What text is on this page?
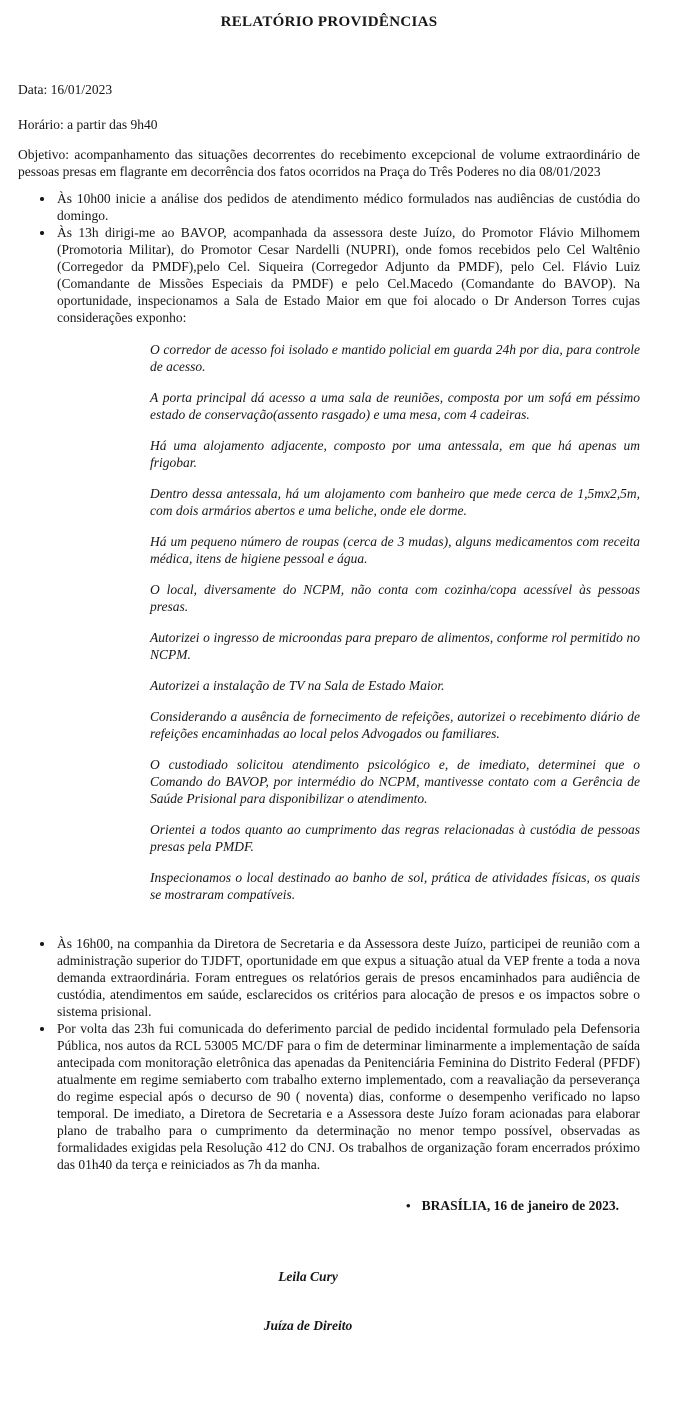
RELATÓRIO PROVIDÊNCIAS

Data: 16/01/2023

Horário: a partir das 9h40

Objetivo: acompanhamento das situações decorrentes do recebimento excepcional de volume extraordinário de pessoas presas em flagrante em decorrência dos fatos ocorridos na Praça do Três Poderes no dia 08/01/2023

• Às 10h00 inicie a análise dos pedidos de atendimento médico formulados nas audiências de custódia do domingo.
• Às 13h dirigi-me ao BAVOP, acompanhada da assessora deste Juízo, do Promotor Flávio Milhomem (Promotoria Militar), do Promotor Cesar Nardelli (NUPRI), onde fomos recebidos pelo Cel Waltênio (Corregedor da PMDF),pelo Cel. Siqueira (Corregedor Adjunto da PMDF), pelo Cel. Flávio Luiz (Comandante de Missões Especiais da PMDF) e pelo Cel.Macedo (Comandante do BAVOP). Na oportunidade, inspecionamos a Sala de Estado Maior em que foi alocado o Dr Anderson Torres cujas considerações exponho:

O corredor de acesso foi isolado e mantido policial em guarda 24h por dia, para controle de acesso.

A porta principal dá acesso a uma sala de reuniões, composta por um sofá em péssimo estado de conservação(assento rasgado) e uma mesa, com 4 cadeiras.

Há uma alojamento adjacente, composto por uma antessala, em que há apenas um frigobar.

Dentro dessa antessala, há um alojamento com banheiro que mede cerca de 1,5mx2,5m, com dois armários abertos e uma beliche, onde ele dorme.

Há um pequeno número de roupas (cerca de 3 mudas), alguns medicamentos com receita médica, itens de higiene pessoal e água.

O local, diversamente do NCPM, não conta com cozinha/copa acessível às pessoas presas.

Autorizei o ingresso de microondas para preparo de alimentos, conforme rol permitido no NCPM.

Autorizei a instalação de TV na Sala de Estado Maior.

Considerando a ausência de fornecimento de refeições, autorizei o recebimento diário de refeições encaminhadas ao local pelos Advogados ou familiares.

O custodiado solicitou atendimento psicológico e, de imediato, determinei que o Comando do BAVOP, por intermédio do NCPM, mantivesse contato com a Gerência de Saúde Prisional para disponibilizar o atendimento.

Orientei a todos quanto ao cumprimento das regras relacionadas à custódia de pessoas presas pela PMDF.

Inspecionamos o local destinado ao banho de sol, prática de atividades físicas, os quais se mostraram compatíveis.

• Às 16h00, na companhia da Diretora de Secretaria e da Assessora deste Juízo, participei de reunião com a administração superior do TJDFT, oportunidade em que expus a situação atual da VEP frente a toda a nova demanda extraordinária. Foram entregues os relatórios gerais de presos encaminhados para audiência de custódia, atendimentos em saúde, esclarecidos os critérios para alocação de presos e os impactos sobre o sistema prisional.
• Por volta das 23h fui comunicada do deferimento parcial de pedido incidental formulado pela Defensoria Pública, nos autos da RCL 53005 MC/DF para o fim de determinar liminarmente a implementação de saída antecipada com monitoração eletrônica das apenadas da Penitenciária Feminina do Distrito Federal (PFDF) atualmente em regime semiaberto com trabalho externo implementado, com a reavaliação da perseverança do regime especial após o decurso de 90 ( noventa) dias, conforme o desempenho verificado no lapso temporal. De imediato, a Diretora de Secretaria e a Assessora deste Juízo foram acionadas para elaborar plano de trabalho para o cumprimento da determinação no menor tempo possível, observadas as formalidades exigidas pela Resolução 412 do CNJ. Os trabalhos de organização foram encerrados próximo das 01h40 da terça e reiniciados as 7h da manha.
• BRASÍLIA, 16 de janeiro de 2023.

Leila Cury

Juíza de Direito
